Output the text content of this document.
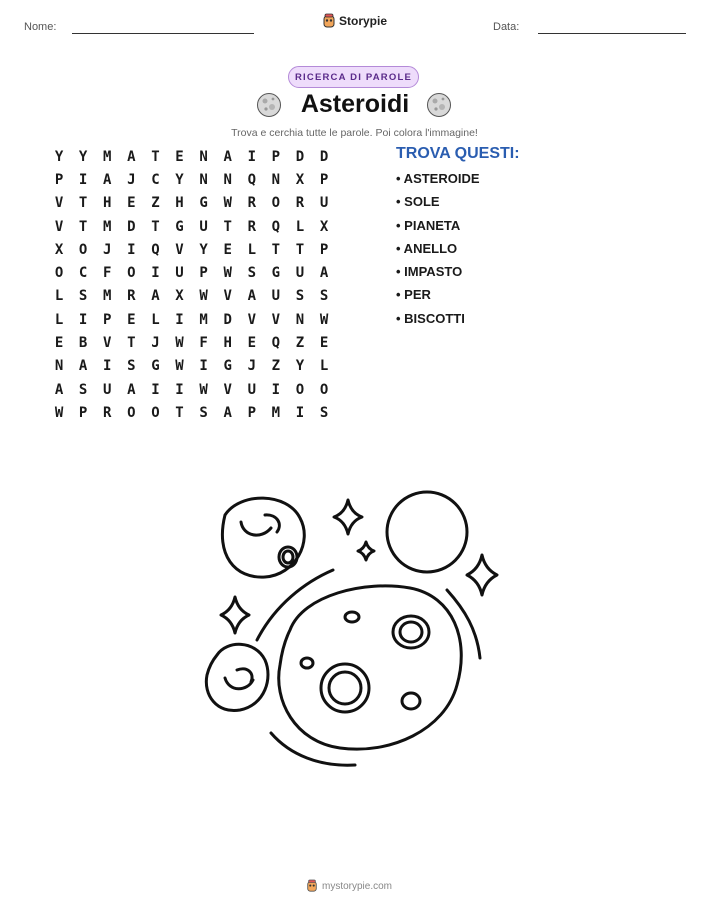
Nome:	Storypie	Data:
RICERCA DI PAROLE
Asteroidi
Trova e cerchia tutte le parole. Poi colora l'immagine!
Y	Y	M	A	T	E	N	A	I	P	D	D
P	I	A	J	C	Y	N	N	Q	N	X	P
V	T	H	E	Z	H	G	W	R	O	R	U
V	T	M	D	T	G	U	T	R	Q	L	X
X	O	J	I	Q	V	Y	E	L	T	T	P
O	C	F	O	I	U	P	W	S	G	U	A
L	S	M	R	A	X	W	V	A	U	S	S
L	I	P	E	L	I	M	D	V	V	N	W
E	B	V	T	J	W	F	H	E	Q	Z	E
N	A	I	S	G	W	I	G	J	Z	Y	L
A	S	U	A	I	I	W	V	U	I	O	O
W	P	R	O	O	T	S	A	P	M	I	S
TROVA QUESTI:
• ASTEROIDE
• SOLE
• PIANETA
• ANELLO
• IMPASTO
• PER
• BISCOTTI
mystorypie.com
